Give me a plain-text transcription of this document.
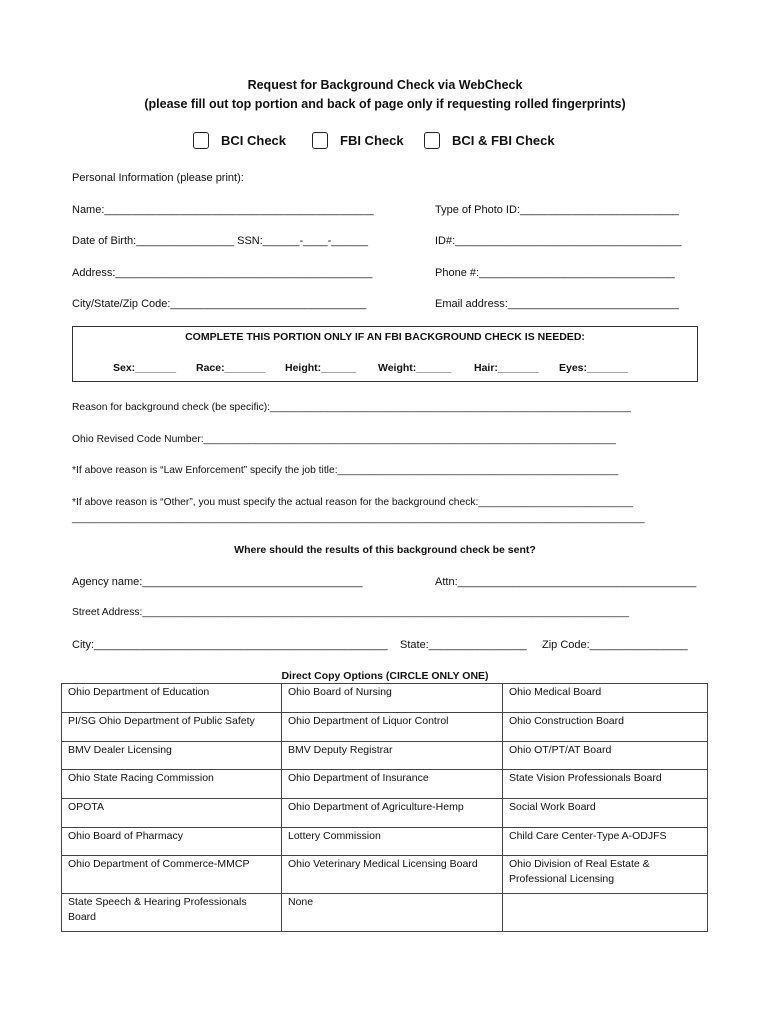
Request for Background Check via WebCheck
(please fill out top portion and back of page only if requesting rolled fingerprints)
BCI Check	FBI Check	BCI & FBI Check
Personal Information (please print):
Name:____________________________________________	Type of Photo ID:__________________________
Date of Birth:________________ SSN:______-____-______	ID#:_____________________________________
Address:__________________________________________	Phone #:________________________________
City/State/Zip Code:________________________________	Email address:____________________________
COMPLETE THIS PORTION ONLY IF AN FBI BACKGROUND CHECK IS NEEDED:
Sex:_______ Race:_______ Height:______ Weight:______ Hair:_______ Eyes:_______
Reason for background check (be specific):_______________________________________________________________
Ohio Revised Code Number:________________________________________________________________________
*If above reason is “Law Enforcement” specify the job title:_________________________________________________
*If above reason is “Other”, you must specify the actual reason for the background check:___________________________
____________________________________________________________________________________________________
Where should the results of this background check be sent?
Agency name:____________________________________	Attn:_______________________________________
Street Address:_____________________________________________________________________________________
City:________________________________________________ State:________________ Zip Code:________________
Direct Copy Options (CIRCLE ONLY ONE)
Ohio Department of Education	Ohio Board of Nursing	Ohio Medical Board
PI/SG Ohio Department of Public Safety	Ohio Department of Liquor Control	Ohio Construction Board
BMV Dealer Licensing	BMV Deputy Registrar	Ohio OT/PT/AT Board
Ohio State Racing Commission	Ohio Department of Insurance	State Vision Professionals Board
OPOTA	Ohio Department of Agriculture-Hemp	Social Work Board
Ohio Board of Pharmacy	Lottery Commission	Child Care Center-Type A-ODJFS
Ohio Department of Commerce-MMCP	Ohio Veterinary Medical Licensing Board	Ohio Division of Real Estate & Professional Licensing
State Speech & Hearing Professionals Board	None	
